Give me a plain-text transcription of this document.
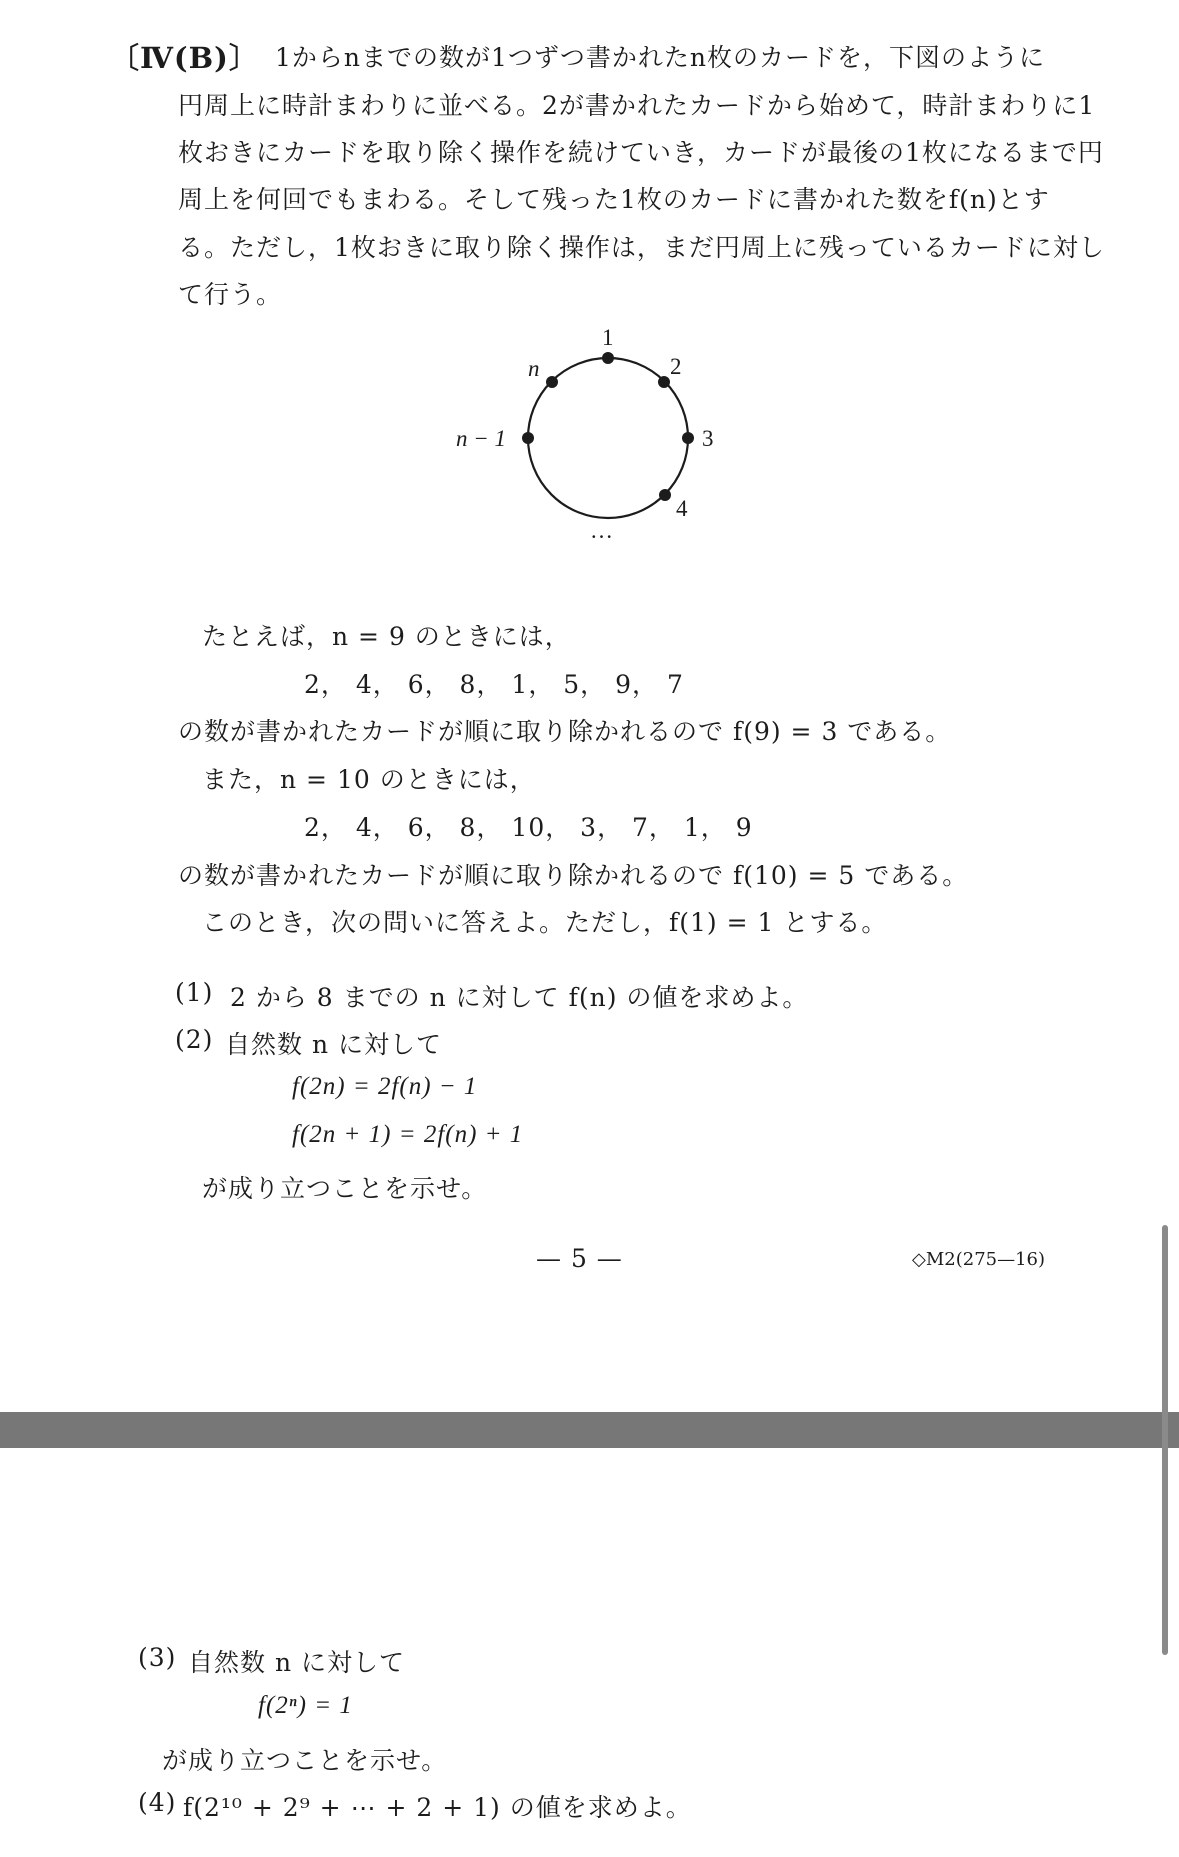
〔Ⅳ(B)〕 1からnまでの数が1つずつ書かれたn枚のカードを，下図のように
円周上に時計まわりに並べる。2が書かれたカードから始めて，時計まわりに1
枚おきにカードを取り除く操作を続けていき，カードが最後の1枚になるまで円
周上を何回でもまわる。そして残った1枚のカードに書かれた数をf(n)とす
る。ただし，1枚おきに取り除く操作は，まだ円周上に残っているカードに対し
て行う。
1
2
3
4
n
n − 1
…
たとえば，n = 9 のときには，
2， 4， 6， 8， 1， 5， 9， 7
の数が書かれたカードが順に取り除かれるので f(9) = 3 である。
また，n = 10 のときには，
2， 4， 6， 8， 10， 3， 7， 1， 9
の数が書かれたカードが順に取り除かれるので f(10) = 5 である。
このとき，次の問いに答えよ。ただし，f(1) = 1 とする。
(1) 2 から 8 までの n に対して f(n) の値を求めよ。
(2) 自然数 n に対して
f(2n) = 2f(n) − 1
f(2n + 1) = 2f(n) + 1
が成り立つことを示せ。
— 5 —	◇M2(275—16)
(3) 自然数 n に対して
f(2ⁿ) = 1
が成り立つことを示せ。
(4) f(2¹⁰ + 2⁹ + ⋯ + 2 + 1) の値を求めよ。
